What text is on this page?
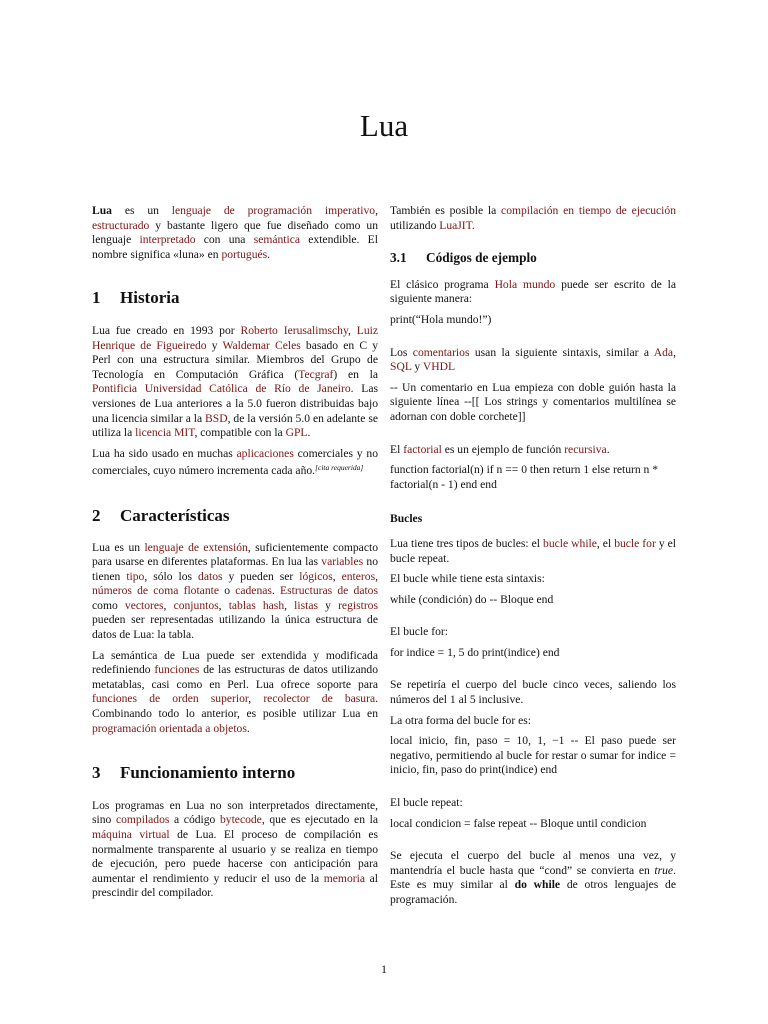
Lua

Lua es un lenguaje de programación imperativo, estructurado y bastante ligero que fue diseñado como un lenguaje interpretado con una semántica extendible. El nombre significa «luna» en portugués.

1 Historia

Lua fue creado en 1993 por Roberto Ierusalimschy, Luiz Henrique de Figueiredo y Waldemar Celes basado en C y Perl con una estructura similar. Miembros del Grupo de Tecnología en Computación Gráfica (Tecgraf) en la Pontificia Universidad Católica de Río de Janeiro. Las versiones de Lua anteriores a la 5.0 fueron distribuidas bajo una licencia similar a la BSD, de la versión 5.0 en adelante se utiliza la licencia MIT, compatible con la GPL.

Lua ha sido usado en muchas aplicaciones comerciales y no comerciales, cuyo número incrementa cada año.[cita requerida]

2 Características

Lua es un lenguaje de extensión, suficientemente compacto para usarse en diferentes plataformas. En lua las variables no tienen tipo, sólo los datos y pueden ser lógicos, enteros, números de coma flotante o cadenas. Estructuras de datos como vectores, conjuntos, tablas hash, listas y registros pueden ser representadas utilizando la única estructura de datos de Lua: la tabla.

La semántica de Lua puede ser extendida y modificada redefiniendo funciones de las estructuras de datos utilizando metatablas, casi como en Perl. Lua ofrece soporte para funciones de orden superior, recolector de basura. Combinando todo lo anterior, es posible utilizar Lua en programación orientada a objetos.

3 Funcionamiento interno

Los programas en Lua no son interpretados directamente, sino compilados a código bytecode, que es ejecutado en la máquina virtual de Lua. El proceso de compilación es normalmente transparente al usuario y se realiza en tiempo de ejecución, pero puede hacerse con anticipación para aumentar el rendimiento y reducir el uso de la memoria al prescindir del compilador.

También es posible la compilación en tiempo de ejecución utilizando LuaJIT.

3.1 Códigos de ejemplo

El clásico programa Hola mundo puede ser escrito de la siguiente manera:

print(“Hola mundo!”)

Los comentarios usan la siguiente sintaxis, similar a Ada, SQL y VHDL

-- Un comentario en Lua empieza con doble guión hasta la siguiente línea --[[ Los strings y comentarios multilínea se adornan con doble corchete]]

El factorial es un ejemplo de función recursiva.

function factorial(n) if n == 0 then return 1 else return n * factorial(n - 1) end end

Bucles

Lua tiene tres tipos de bucles: el bucle while, el bucle for y el bucle repeat.

El bucle while tiene esta sintaxis:

while (condición) do -- Bloque end

El bucle for:

for indice = 1, 5 do print(indice) end

Se repetiría el cuerpo del bucle cinco veces, saliendo los números del 1 al 5 inclusive.

La otra forma del bucle for es:

local inicio, fin, paso = 10, 1, −1 -- El paso puede ser negativo, permitiendo al bucle for restar o sumar for indice = inicio, fin, paso do print(indice) end

El bucle repeat:

local condicion = false repeat -- Bloque until condicion

Se ejecuta el cuerpo del bucle al menos una vez, y mantendría el bucle hasta que “cond” se convierta en true. Este es muy similar al do while de otros lenguajes de programación.

1
